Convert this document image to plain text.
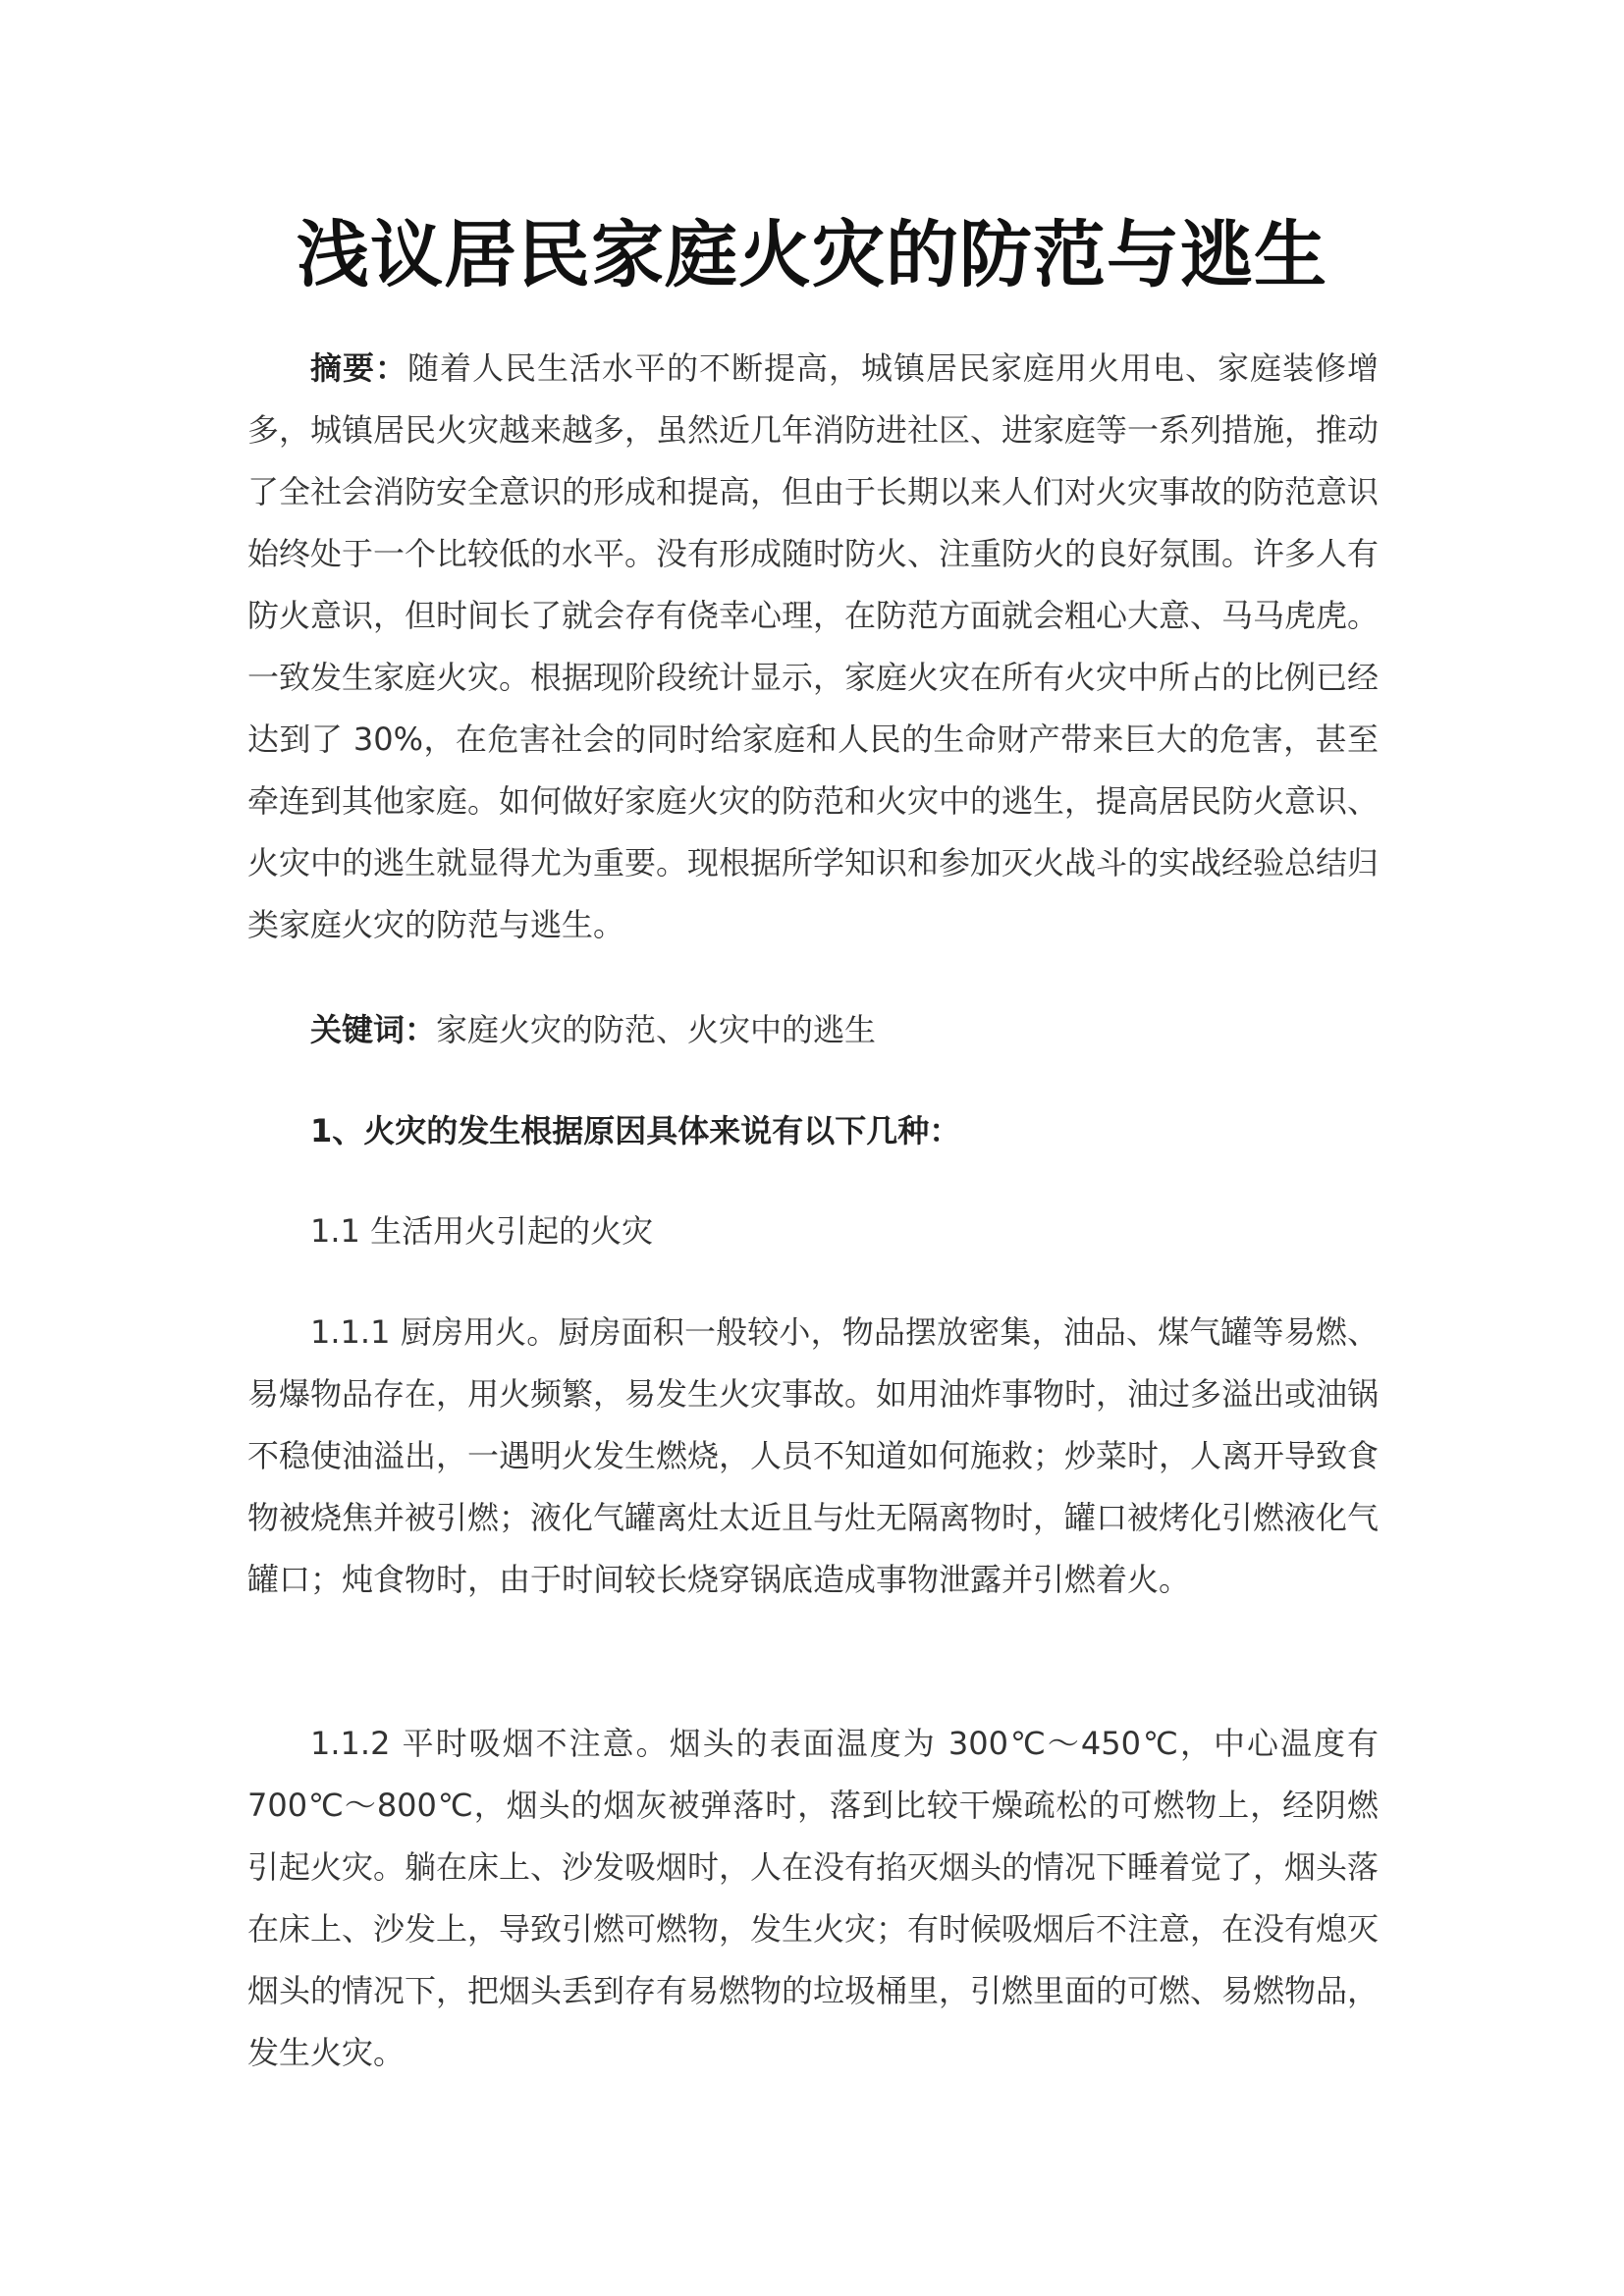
浅议居民家庭火灾的防范与逃生

摘要：随着人民生活水平的不断提高，城镇居民家庭用火用电、家庭装修增多，城镇居民火灾越来越多，虽然近几年消防进社区、进家庭等一系列措施，推动了全社会消防安全意识的形成和提高，但由于长期以来人们对火灾事故的防范意识始终处于一个比较低的水平。没有形成随时防火、注重防火的良好氛围。许多人有防火意识，但时间长了就会存有侥幸心理，在防范方面就会粗心大意、马马虎虎。一致发生家庭火灾。根据现阶段统计显示，家庭火灾在所有火灾中所占的比例已经达到了 30%，在危害社会的同时给家庭和人民的生命财产带来巨大的危害，甚至牵连到其他家庭。如何做好家庭火灾的防范和火灾中的逃生，提高居民防火意识、火灾中的逃生就显得尤为重要。现根据所学知识和参加灭火战斗的实战经验总结归类家庭火灾的防范与逃生。

关键词：家庭火灾的防范、火灾中的逃生

1、火灾的发生根据原因具体来说有以下几种：

1.1 生活用火引起的火灾

1.1.1 厨房用火。厨房面积一般较小，物品摆放密集，油品、煤气罐等易燃、易爆物品存在，用火频繁，易发生火灾事故。如用油炸事物时，油过多溢出或油锅不稳使油溢出，一遇明火发生燃烧，人员不知道如何施救；炒菜时，人离开导致食物被烧焦并被引燃；液化气罐离灶太近且与灶无隔离物时，罐口被烤化引燃液化气罐口；炖食物时，由于时间较长烧穿锅底造成事物泄露并引燃着火。

1.1.2 平时吸烟不注意。烟头的表面温度为 300℃～450℃，中心温度有700℃～800℃，烟头的烟灰被弹落时，落到比较干燥疏松的可燃物上，经阴燃引起火灾。躺在床上、沙发吸烟时，人在没有掐灭烟头的情况下睡着觉了，烟头落在床上、沙发上，导致引燃可燃物，发生火灾；有时候吸烟后不注意，在没有熄灭烟头的情况下，把烟头丢到存有易燃物的垃圾桶里，引燃里面的可燃、易燃物品，发生火灾。
